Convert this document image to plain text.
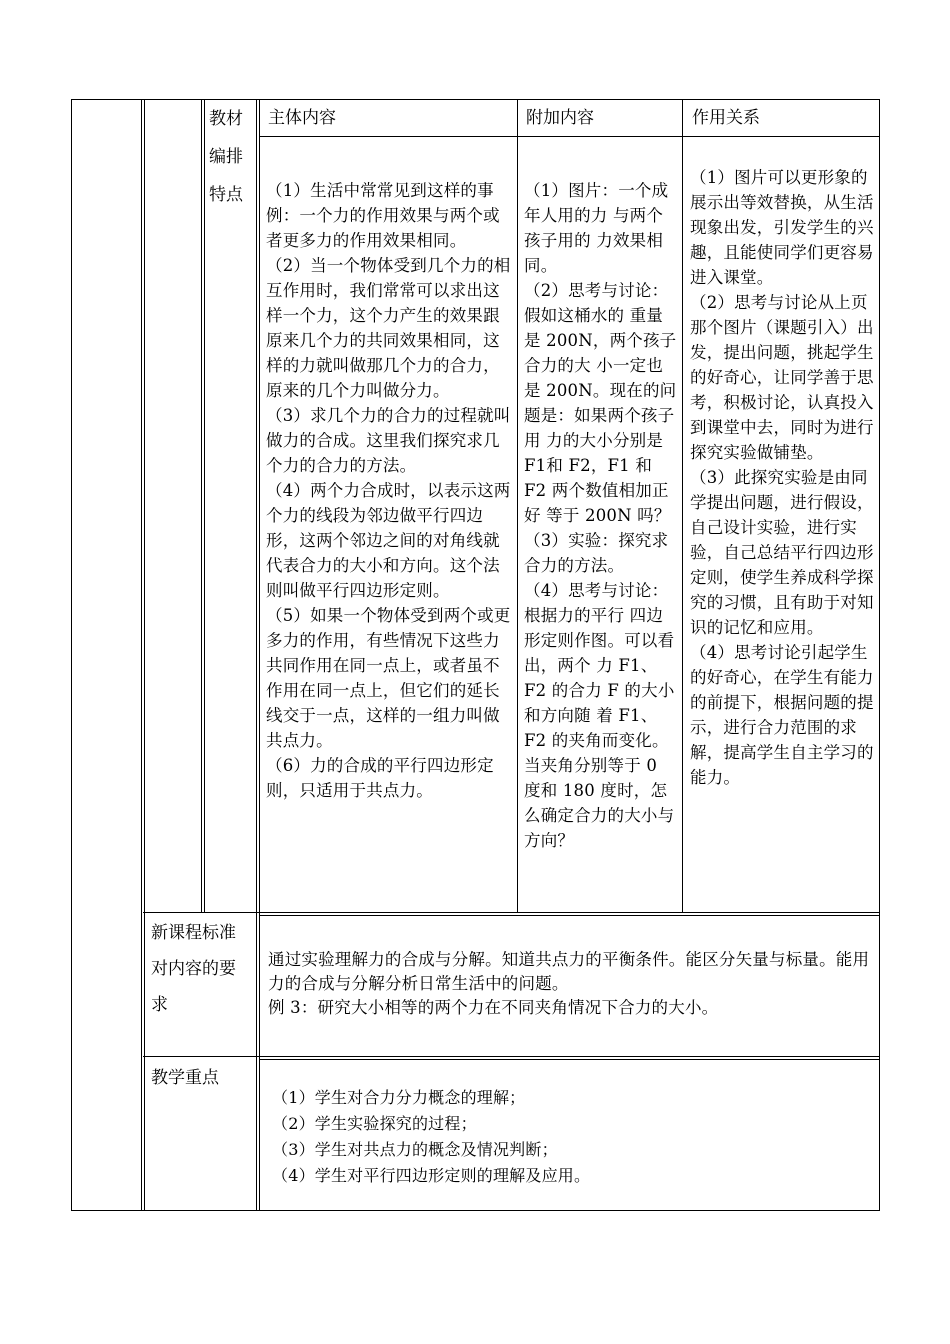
教材编排特点
主体内容	附加内容	作用关系

（1）生活中常常见到这样的事例：一个力的作用效果与两个或者更多力的作用效果相同。

（2）当一个物体受到几个力的相互作用时，我们常常可以求出这样一个力，这个力产生的效果跟原来几个力的共同效果相同，这样的力就叫做那几个力的合力，原来的几个力叫做分力。

（3）求几个力的合力的过程就叫做力的合成。这里我们探究求几个力的合力的方法。

（4）两个力合成时，以表示这两个力的线段为邻边做平行四边形，这两个邻边之间的对角线就代表合力的大小和方向。这个法则叫做平行四边形定则。

（5）如果一个物体受到两个或更多力的作用，有些情况下这些力共同作用在同一点上，或者虽不作用在同一点上，但它们的延长线交于一点，这样的一组力叫做共点力。

（6）力的合成的平行四边形定则，只适用于共点力。

（1）图片：一个成年人用的力 与两个孩子用的 力效果相同。

（2）思考与讨论：假如这桶水的 重量是 200N，两个孩子合力的大 小一定也是 200N。现在的问题是：如果两个孩子用 力的大小分别是 F1和 F2，F1 和 F2 两个数值相加正好 等于 200N 吗？

（3）实验：探究求合力的方法。

（4）思考与讨论：根据力的平行 四边形定则作图。可以看出，两个 力 F1、F2 的合力 F 的大小和方向随 着 F1、F2 的夹角而变化。当夹角分别等于 0 度和 180 度时，怎么确定合力的大小与方向？

（1）图片可以更形象的展示出等效替换，从生活现象出发，引发学生的兴趣，且能使同学们更容易进入课堂。

（2）思考与讨论从上页那个图片（课题引入）出发，提出问题，挑起学生的好奇心，让同学善于思考，积极讨论，认真投入到课堂中去，同时为进行探究实验做铺垫。

（3）此探究实验是由同学提出问题，进行假设，自己设计实验，进行实验，自己总结平行四边形定则，使学生养成科学探究的习惯，且有助于对知识的记忆和应用。

（4）思考讨论引起学生的好奇心，在学生有能力的前提下，根据问题的提示，进行合力范围的求解，提高学生自主学习的能力。

新课程标准对内容的要求

通过实验理解力的合成与分解。知道共点力的平衡条件。能区分矢量与标量。能用力的合成与分解分析日常生活中的问题。

例 3：研究大小相等的两个力在不同夹角情况下合力的大小。

教学重点

（1）学生对合力分力概念的理解；

（2）学生实验探究的过程；

（3）学生对共点力的概念及情况判断；

（4）学生对平行四边形定则的理解及应用。
